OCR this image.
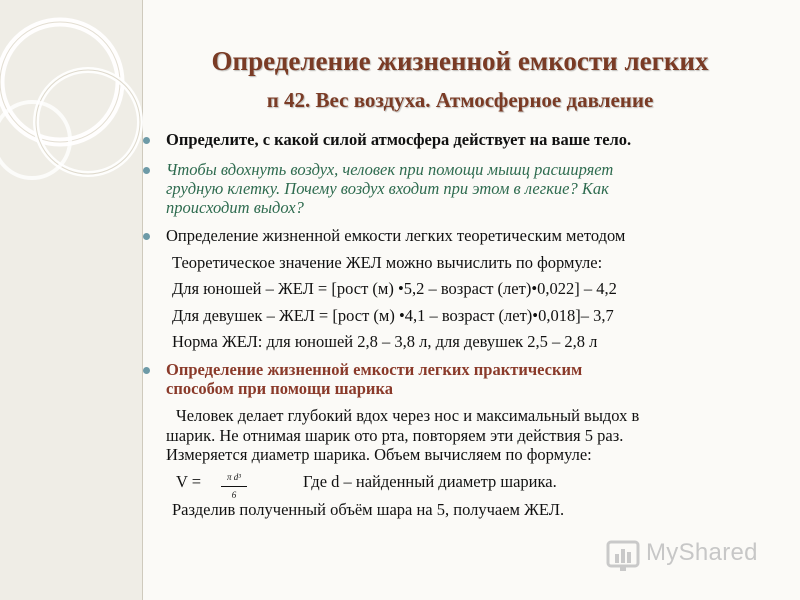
Определение жизненной емкости легких
п 42. Вес воздуха. Атмосферное давление
Определите, с какой силой атмосфера действует на ваше тело.
Чтобы вдохнуть воздух, человек при помощи мышц расширяет
грудную клетку. Почему воздух входит при этом в легкие? Как
происходит выдох?
Определение жизненной емкости легких теоретическим методом
Теоретическое значение ЖЕЛ можно вычислить по формуле:
Для юношей – ЖЕЛ = [рост (м) •5,2 – возраст (лет)•0,022] – 4,2
Для девушек – ЖЕЛ = [рост (м) •4,1 – возраст (лет)•0,018]– 3,7
Норма ЖЕЛ: для юношей 2,8 – 3,8 л, для девушек 2,5 – 2,8 л
Определение жизненной емкости легких практическим
способом при помощи шарика
Человек делает глубокий вдох через нос и максимальный выдох в
шарик. Не отнимая шарик ото рта, повторяем эти действия 5 раз.
Измеряется диаметр шарика. Объем вычисляем по формуле:
V =	π d³
6
Где d – найденный диаметр шарика.
Разделив полученный объём шара на 5, получаем ЖЕЛ.
MyShared
